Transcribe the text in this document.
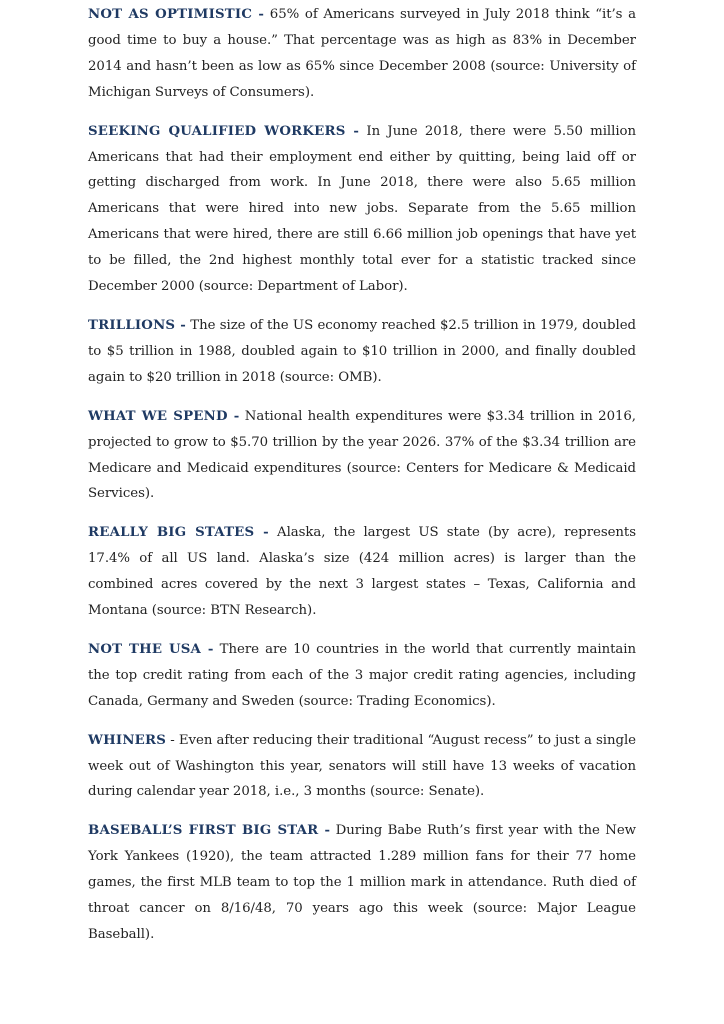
NOT AS OPTIMISTIC - 65% of Americans surveyed in July 2018 think “it’s a good time to buy a house.” That percentage was as high as 83% in December 2014 and hasn’t been as low as 65% since December 2008 (source: University of Michigan Surveys of Consumers).

SEEKING QUALIFIED WORKERS - In June 2018, there were 5.50 million Americans that had their employment end either by quitting, being laid off or getting discharged from work. In June 2018, there were also 5.65 million Americans that were hired into new jobs. Separate from the 5.65 million Americans that were hired, there are still 6.66 million job openings that have yet to be filled, the 2nd highest monthly total ever for a statistic tracked since December 2000 (source: Department of Labor).

TRILLIONS - The size of the US economy reached $2.5 trillion in 1979, doubled to $5 trillion in 1988, doubled again to $10 trillion in 2000, and finally doubled again to $20 trillion in 2018 (source: OMB).

WHAT WE SPEND - National health expenditures were $3.34 trillion in 2016, projected to grow to $5.70 trillion by the year 2026. 37% of the $3.34 trillion are Medicare and Medicaid expenditures (source: Centers for Medicare & Medicaid Services).

REALLY BIG STATES - Alaska, the largest US state (by acre), represents 17.4% of all US land. Alaska’s size (424 million acres) is larger than the combined acres covered by the next 3 largest states – Texas, California and Montana (source: BTN Research).

NOT THE USA - There are 10 countries in the world that currently maintain the top credit rating from each of the 3 major credit rating agencies, including Canada, Germany and Sweden (source: Trading Economics).

WHINERS - Even after reducing their traditional “August recess” to just a single week out of Washington this year, senators will still have 13 weeks of vacation during calendar year 2018, i.e., 3 months (source: Senate).

BASEBALL’S FIRST BIG STAR - During Babe Ruth’s first year with the New York Yankees (1920), the team attracted 1.289 million fans for their 77 home games, the first MLB team to top the 1 million mark in attendance. Ruth died of throat cancer on 8/16/48, 70 years ago this week (source: Major League Baseball).
